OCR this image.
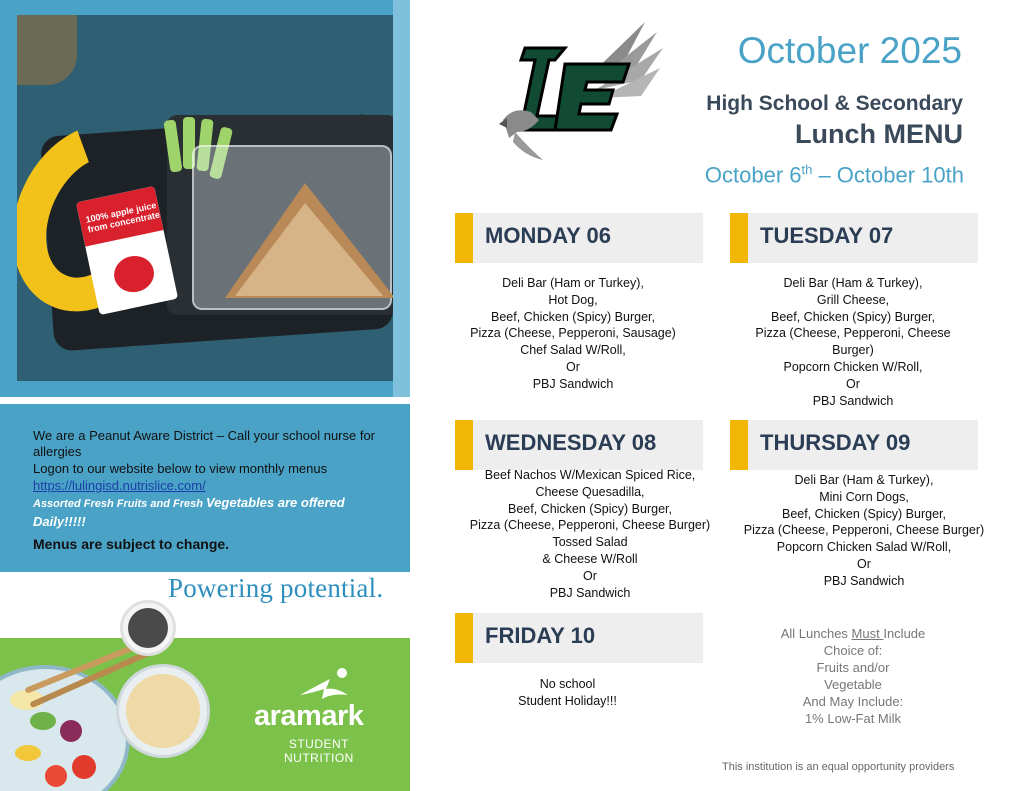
100% apple juice from concentrate
We are a Peanut Aware District – Call your school nurse for allergies
Logon to our website below to view monthly menus
https://lulingisd.nutrislice.com/
Assorted Fresh Fruits and Fresh Vegetables are offered Daily!!!!!
Menus are subject to change.
Powering potential.
aramark
STUDENT
NUTRITION
October 2025
High School & Secondary
Lunch MENU
October 6th – October 10th
MONDAY 06
Deli Bar (Ham or Turkey),
Hot Dog,
Beef, Chicken (Spicy) Burger,
Pizza (Cheese, Pepperoni, Sausage)
Chef Salad W/Roll,
Or
PBJ Sandwich
TUESDAY 07
Deli Bar (Ham & Turkey),
Grill Cheese,
Beef, Chicken (Spicy) Burger,
Pizza (Cheese, Pepperoni, Cheese
Burger)
Popcorn Chicken W/Roll,
Or
PBJ Sandwich
WEDNESDAY 08
Beef Nachos W/Mexican Spiced Rice,
Cheese Quesadilla,
Beef, Chicken (Spicy) Burger,
Pizza (Cheese, Pepperoni, Cheese Burger)
Tossed Salad
& Cheese W/Roll
Or
PBJ Sandwich
THURSDAY 09
Deli Bar (Ham & Turkey),
Mini Corn Dogs,
Beef, Chicken (Spicy) Burger,
Pizza (Cheese, Pepperoni, Cheese Burger)
Popcorn Chicken Salad W/Roll,
Or
PBJ Sandwich
FRIDAY 10
No school
Student Holiday!!!
All Lunches Must Include
Choice of:
Fruits and/or
Vegetable
And May Include:
1% Low-Fat Milk
This institution is an equal opportunity providers
